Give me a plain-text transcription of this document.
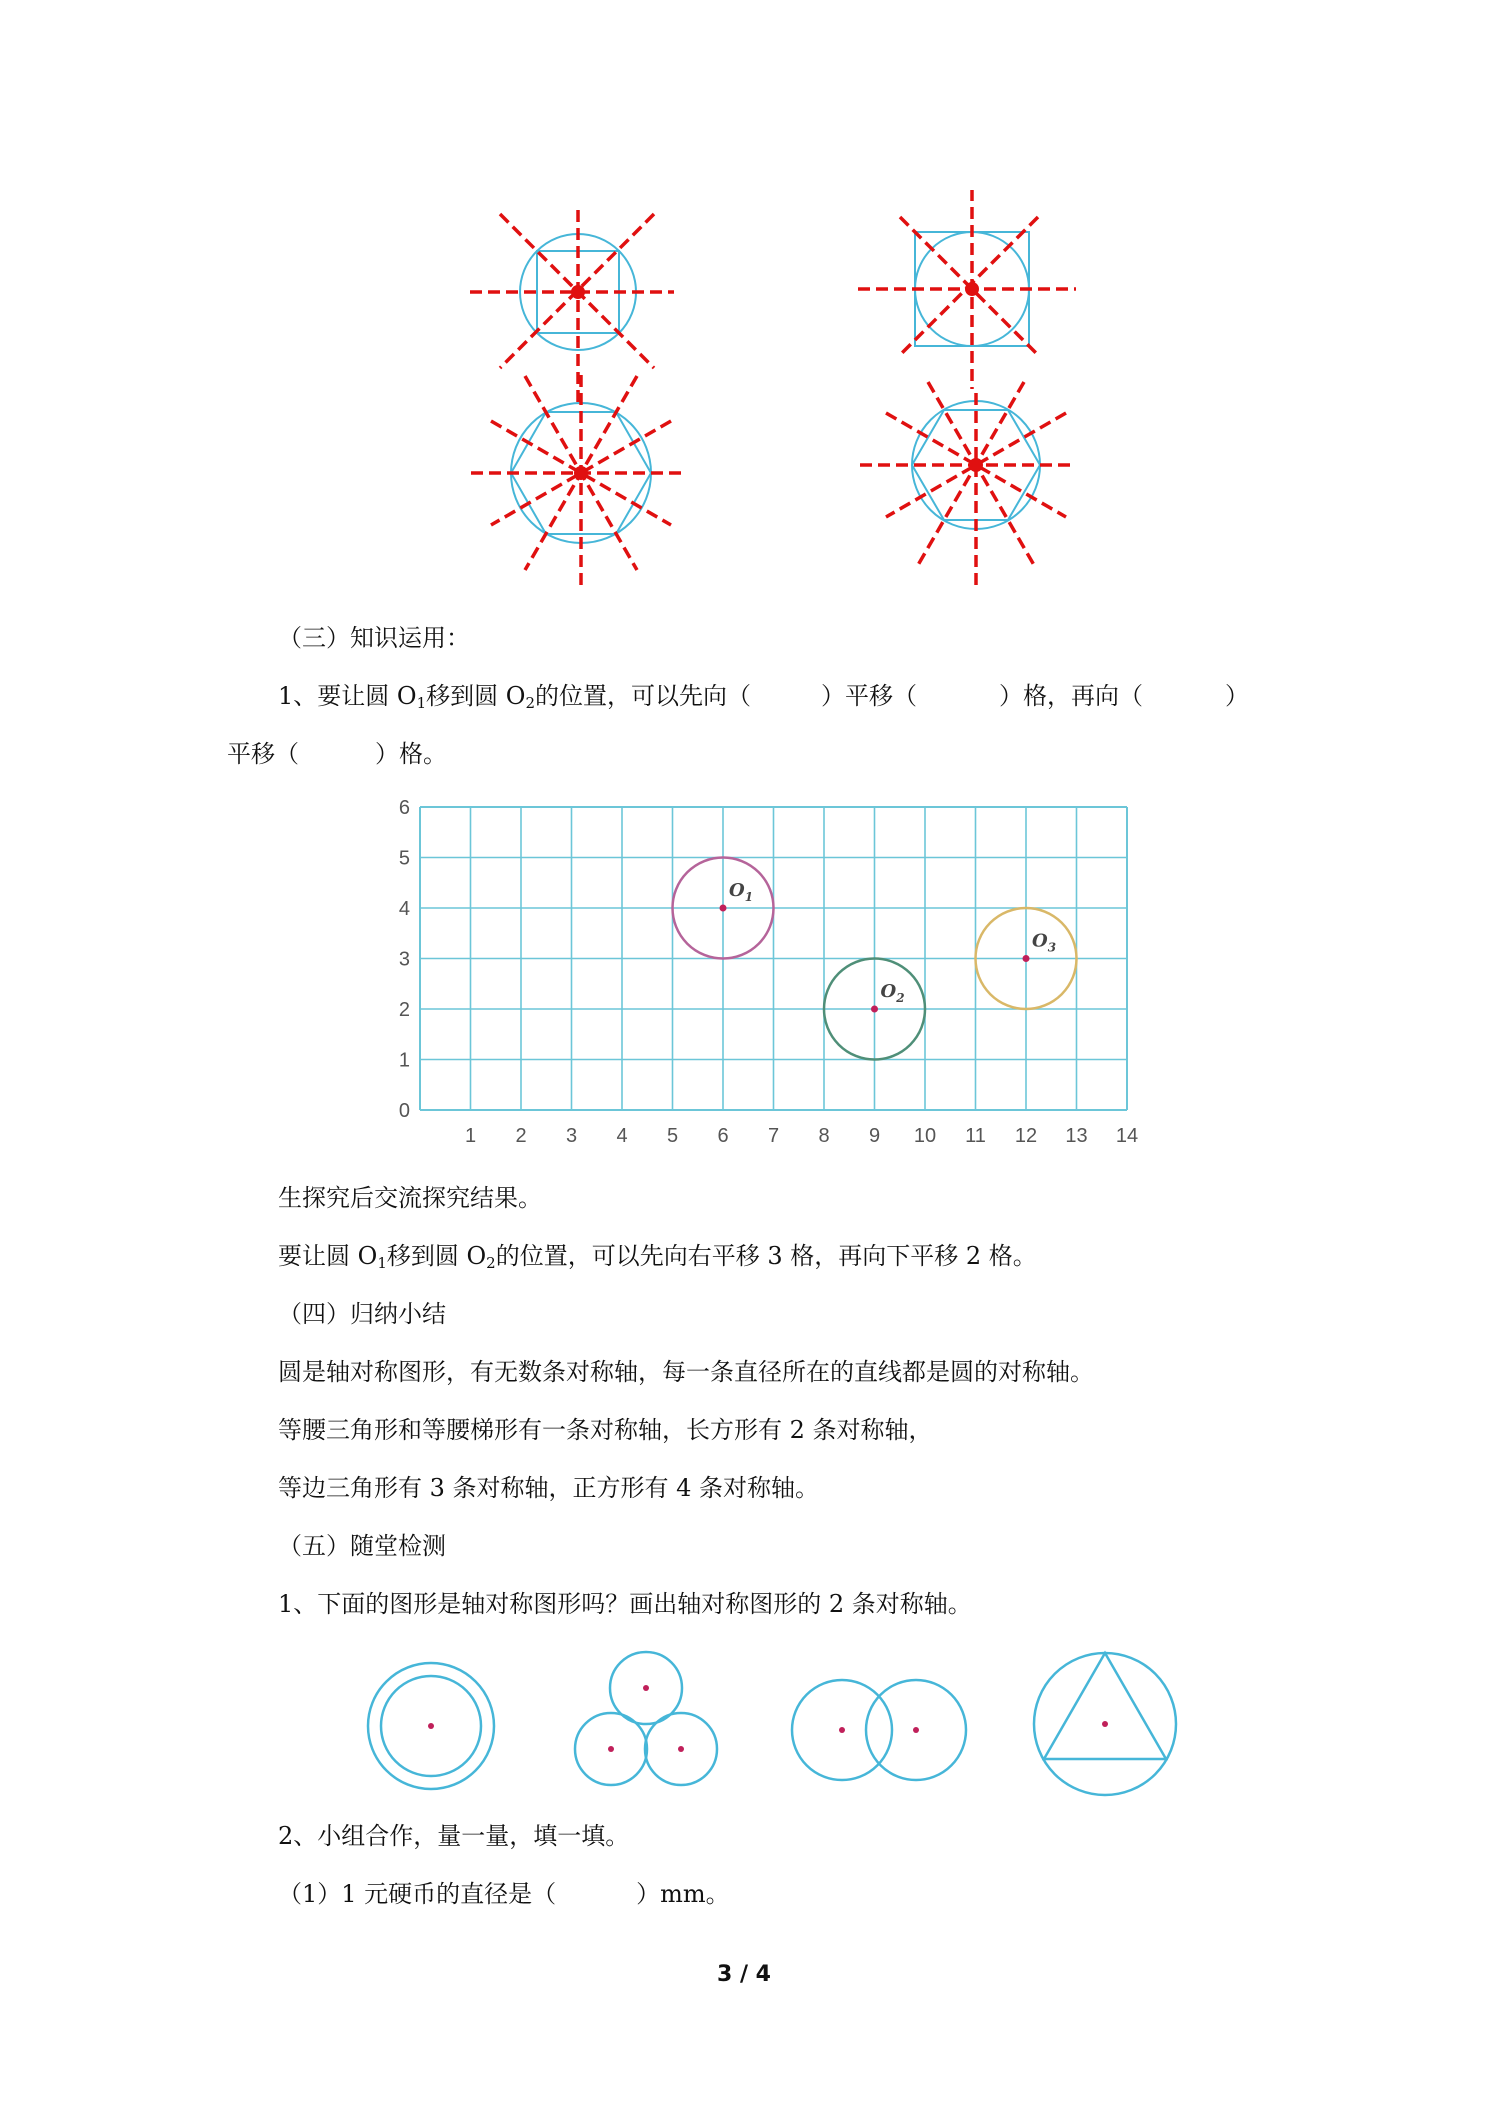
（三）知识运用：
1、要让圆 $O_1$移到圆 $O_2$的位置，可以先向（	）平移（	）格，再向（	）
平移（	）格。
1 2 3 4 5 6 7 8 9 10 11 12 13 14
0
1
2
3
4
5
6
$O_1$
$O_2$
$O_3$
生探究后交流探究结果。
要让圆 $O_1$移到圆 $O_2$的位置，可以先向右平移 3 格，再向下平移 2 格。
（四）归纳小结
圆是轴对称图形，有无数条对称轴，每一条直径所在的直线都是圆的对称轴。
等腰三角形和等腰梯形有一条对称轴，长方形有 2 条对称轴，
等边三角形有 3 条对称轴，正方形有 4 条对称轴。
（五）随堂检测
1、下面的图形是轴对称图形吗？画出轴对称图形的 2 条对称轴。
2、小组合作，量一量，填一填。
（1）1 元硬币的直径是（	）mm。
3 / 4
